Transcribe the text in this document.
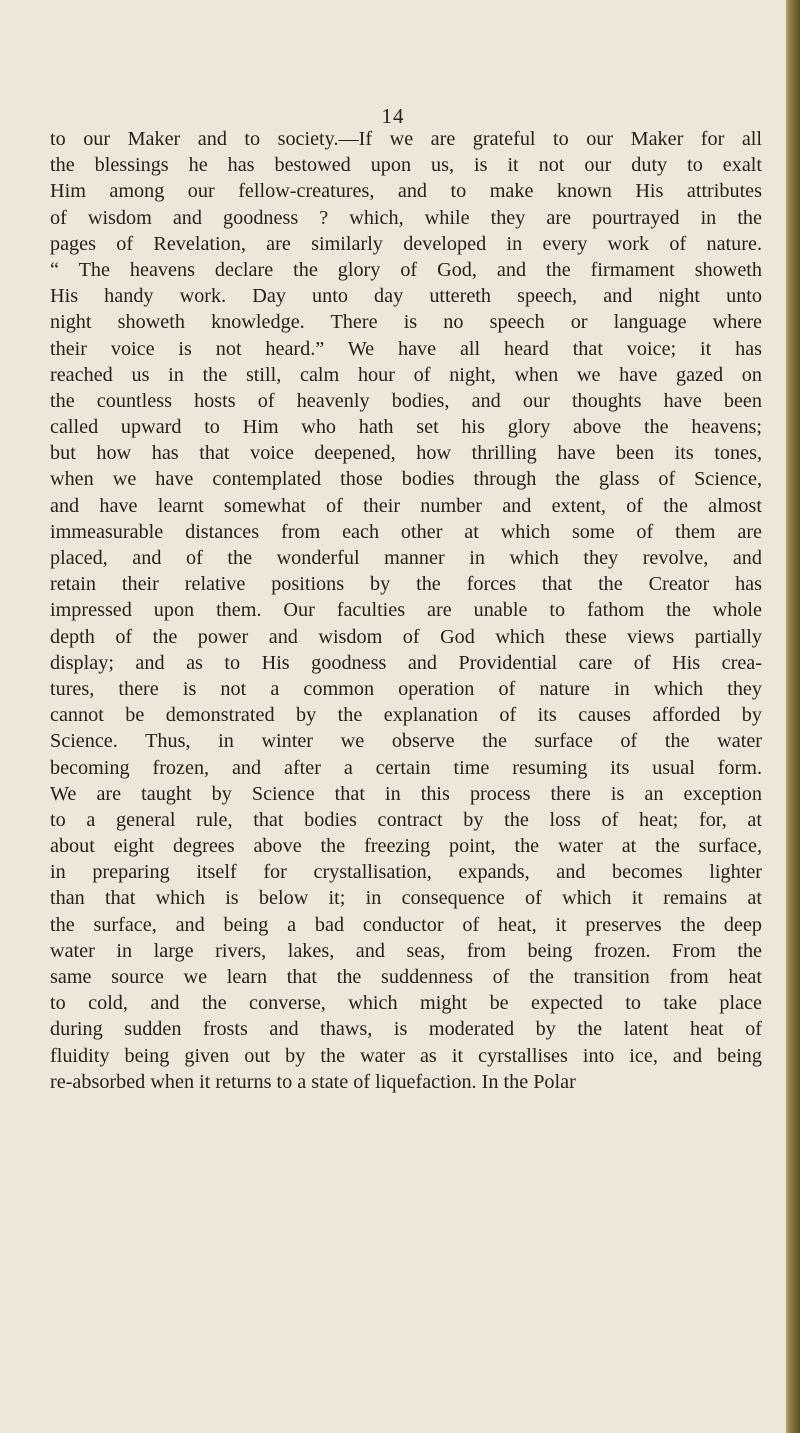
14
to our Maker and to society.—If we are grateful to our Maker for all
the blessings he has bestowed upon us, is it not our duty to exalt
Him among our fellow-creatures, and to make known His attributes
of wisdom and goodness ? which, while they are pourtrayed in the
pages of Revelation, are similarly developed in every work of nature.
“ The heavens declare the glory of God, and the firmament showeth
His handy work. Day unto day uttereth speech, and night unto
night showeth knowledge. There is no speech or language where
their voice is not heard.” We have all heard that voice; it has
reached us in the still, calm hour of night, when we have gazed on
the countless hosts of heavenly bodies, and our thoughts have been
called upward to Him who hath set his glory above the heavens;
but how has that voice deepened, how thrilling have been its tones,
when we have contemplated those bodies through the glass of Science,
and have learnt somewhat of their number and extent, of the almost
immeasurable distances from each other at which some of them are
placed, and of the wonderful manner in which they revolve, and
retain their relative positions by the forces that the Creator has
impressed upon them. Our faculties are unable to fathom the whole
depth of the power and wisdom of God which these views partially
display; and as to His goodness and Providential care of His crea-
tures, there is not a common operation of nature in which they
cannot be demonstrated by the explanation of its causes afforded by
Science. Thus, in winter we observe the surface of the water
becoming frozen, and after a certain time resuming its usual form.
We are taught by Science that in this process there is an exception
to a general rule, that bodies contract by the loss of heat; for, at
about eight degrees above the freezing point, the water at the surface,
in preparing itself for crystallisation, expands, and becomes lighter
than that which is below it; in consequence of which it remains at
the surface, and being a bad conductor of heat, it preserves the deep
water in large rivers, lakes, and seas, from being frozen. From the
same source we learn that the suddenness of the transition from heat
to cold, and the converse, which might be expected to take place
during sudden frosts and thaws, is moderated by the latent heat of
fluidity being given out by the water as it cyrstallises into ice, and being
re-absorbed when it returns to a state of liquefaction. In the Polar
